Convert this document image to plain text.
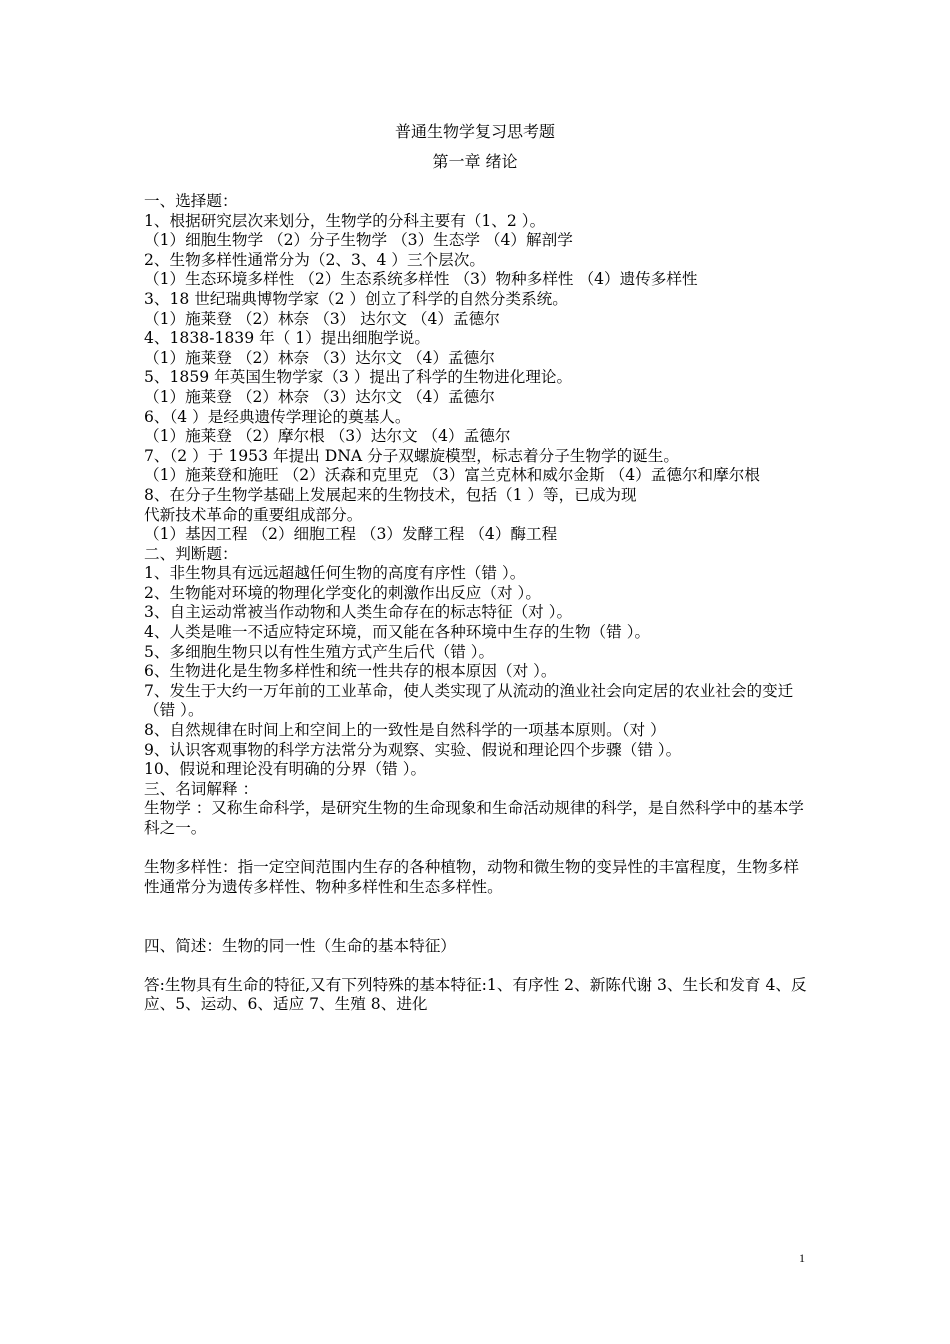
普通生物学复习思考题
第一章 绪论
一、选择题：
1、根据研究层次来划分，生物学的分科主要有（1、2 ）。
（1）细胞生物学 （2）分子生物学 （3）生态学 （4）解剖学
2、生物多样性通常分为（2、3、4 ）三个层次。
（1）生态环境多样性 （2）生态系统多样性 （3）物种多样性 （4）遗传多样性
3、18 世纪瑞典博物学家（2 ）创立了科学的自然分类系统。
（1）施莱登 （2）林奈 （3） 达尔文 （4）孟德尔
4、1838-1839 年（ 1）提出细胞学说。
（1）施莱登 （2）林奈 （3）达尔文 （4）孟德尔
5、1859 年英国生物学家（3 ）提出了科学的生物进化理论。
（1）施莱登 （2）林奈 （3）达尔文 （4）孟德尔
6、（4 ）是经典遗传学理论的奠基人。
（1）施莱登 （2）摩尔根 （3）达尔文 （4）孟德尔
7、（2 ）于 1953 年提出 DNA 分子双螺旋模型，标志着分子生物学的诞生。
（1）施莱登和施旺 （2）沃森和克里克 （3）富兰克林和威尔金斯 （4）孟德尔和摩尔根
8、在分子生物学基础上发展起来的生物技术，包括（1 ）等，已成为现
代新技术革命的重要组成部分。
（1）基因工程 （2）细胞工程 （3）发酵工程 （4）酶工程
二、判断题：
1、非生物具有远远超越任何生物的高度有序性（错 ）。
2、生物能对环境的物理化学变化的刺激作出反应（对 ）。
3、自主运动常被当作动物和人类生命存在的标志特征（对 ）。
4、人类是唯一不适应特定环境，而又能在各种环境中生存的生物（错 ）。
5、多细胞生物只以有性生殖方式产生后代（错 ）。
6、生物进化是生物多样性和统一性共存的根本原因（对 ）。
7、发生于大约一万年前的工业革命，使人类实现了从流动的渔业社会向定居的农业社会的变迁（错 ）。
8、自然规律在时间上和空间上的一致性是自然科学的一项基本原则。（对 ）
9、认识客观事物的科学方法常分为观察、实验、假说和理论四个步骤（错 ）。
10、假说和理论没有明确的分界（错 ）。
三、名词解释 ：
生物学 ：又称生命科学，是研究生物的生命现象和生命活动规律的科学，是自然科学中的基本学科之一。
生物多样性：指一定空间范围内生存的各种植物，动物和微生物的变异性的丰富程度，生物多样性通常分为遗传多样性、物种多样性和生态多样性。
四、简述：生物的同一性（生命的基本特征）
答:生物具有生命的特征,又有下列特殊的基本特征:1、有序性 2、新陈代谢 3、生长和发育 4、反应、5、运动、6、适应 7、生殖 8、进化
1
